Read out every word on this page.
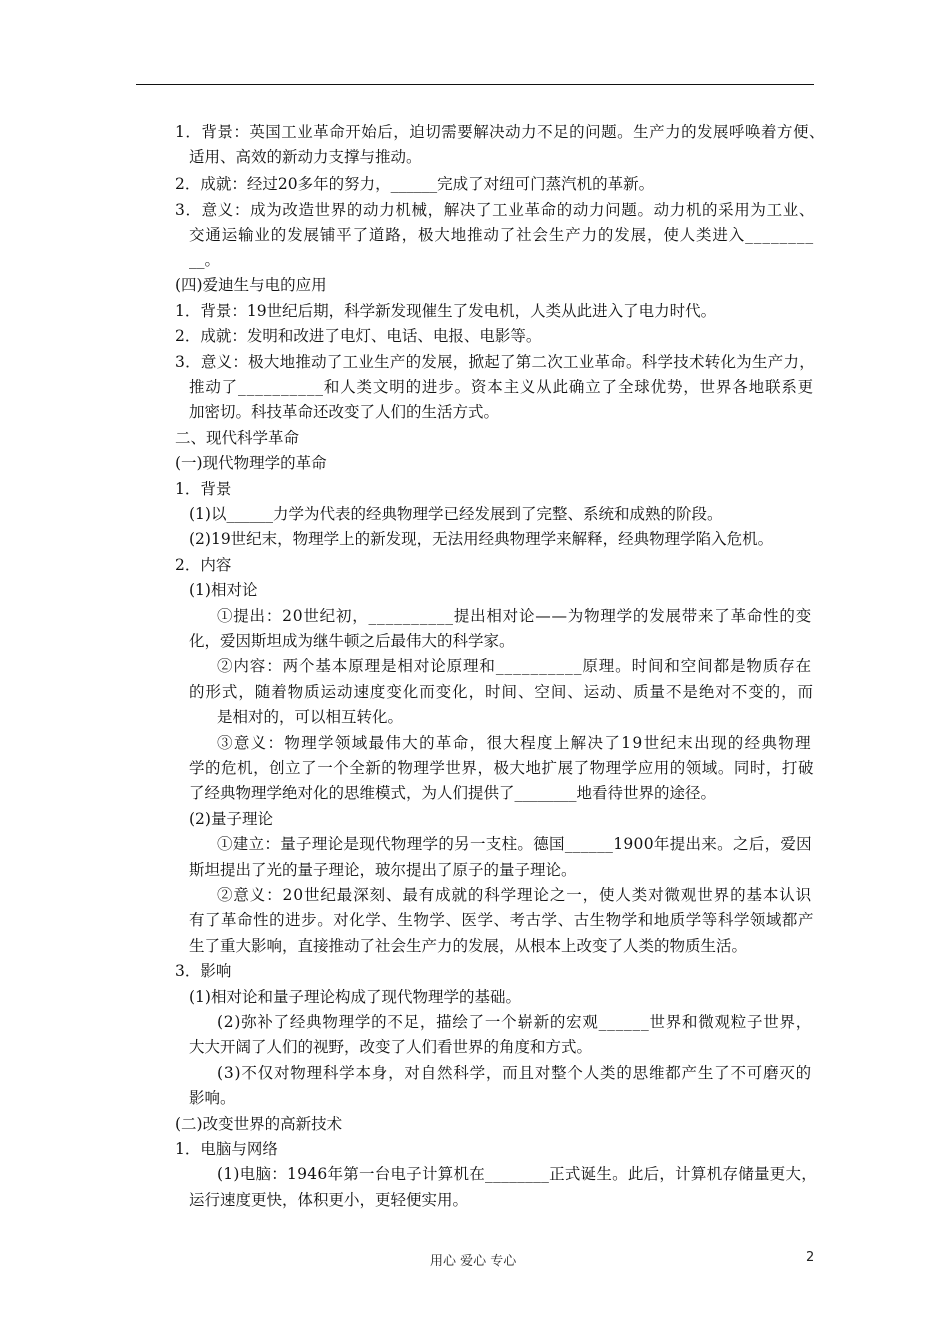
1．背景：英国工业革命开始后，迫切需要解决动力不足的问题。生产力的发展呼唤着方便、
适用、高效的新动力支撑与推动。
2．成就：经过20多年的努力，______完成了对纽可门蒸汽机的革新。
3．意义：成为改造世界的动力机械，解决了工业革命的动力问题。动力机的采用为工业、
交通运输业的发展铺平了道路，极大地推动了社会生产力的发展，使人类进入________
__。
(四)爱迪生与电的应用
1．背景：19世纪后期，科学新发现催生了发电机，人类从此进入了电力时代。
2．成就：发明和改进了电灯、电话、电报、电影等。
3．意义：极大地推动了工业生产的发展，掀起了第二次工业革命。科学技术转化为生产力，
推动了__________和人类文明的进步。资本主义从此确立了全球优势，世界各地联系更
加密切。科技革命还改变了人们的生活方式。
二、现代科学革命
(一)现代物理学的革命
1．背景
(1)以______力学为代表的经典物理学已经发展到了完整、系统和成熟的阶段。
(2)19世纪末，物理学上的新发现，无法用经典物理学来解释，经典物理学陷入危机。
2．内容
(1)相对论
①提出：20世纪初，__________提出相对论——为物理学的发展带来了革命性的变
化，爱因斯坦成为继牛顿之后最伟大的科学家。
②内容：两个基本原理是相对论原理和__________原理。时间和空间都是物质存在
的形式，随着物质运动速度变化而变化，时间、空间、运动、质量不是绝对不变的，而
是相对的，可以相互转化。
③意义：物理学领域最伟大的革命，很大程度上解决了19世纪末出现的经典物理
学的危机，创立了一个全新的物理学世界，极大地扩展了物理学应用的领域。同时，打破
了经典物理学绝对化的思维模式，为人们提供了________地看待世界的途径。
(2)量子理论
①建立：量子理论是现代物理学的另一支柱。德国______1900年提出来。之后，爱因
斯坦提出了光的量子理论，玻尔提出了原子的量子理论。
②意义：20世纪最深刻、最有成就的科学理论之一，使人类对微观世界的基本认识
有了革命性的进步。对化学、生物学、医学、考古学、古生物学和地质学等科学领域都产
生了重大影响，直接推动了社会生产力的发展，从根本上改变了人类的物质生活。
3．影响
(1)相对论和量子理论构成了现代物理学的基础。
(2)弥补了经典物理学的不足，描绘了一个崭新的宏观______世界和微观粒子世界，
大大开阔了人们的视野，改变了人们看世界的角度和方式。
(3)不仅对物理科学本身，对自然科学，而且对整个人类的思维都产生了不可磨灭的
影响。
(二)改变世界的高新技术
1．电脑与网络
(1)电脑：1946年第一台电子计算机在________正式诞生。此后，计算机存储量更大，
运行速度更快，体积更小，更轻便实用。
用心 爱心 专心	2
